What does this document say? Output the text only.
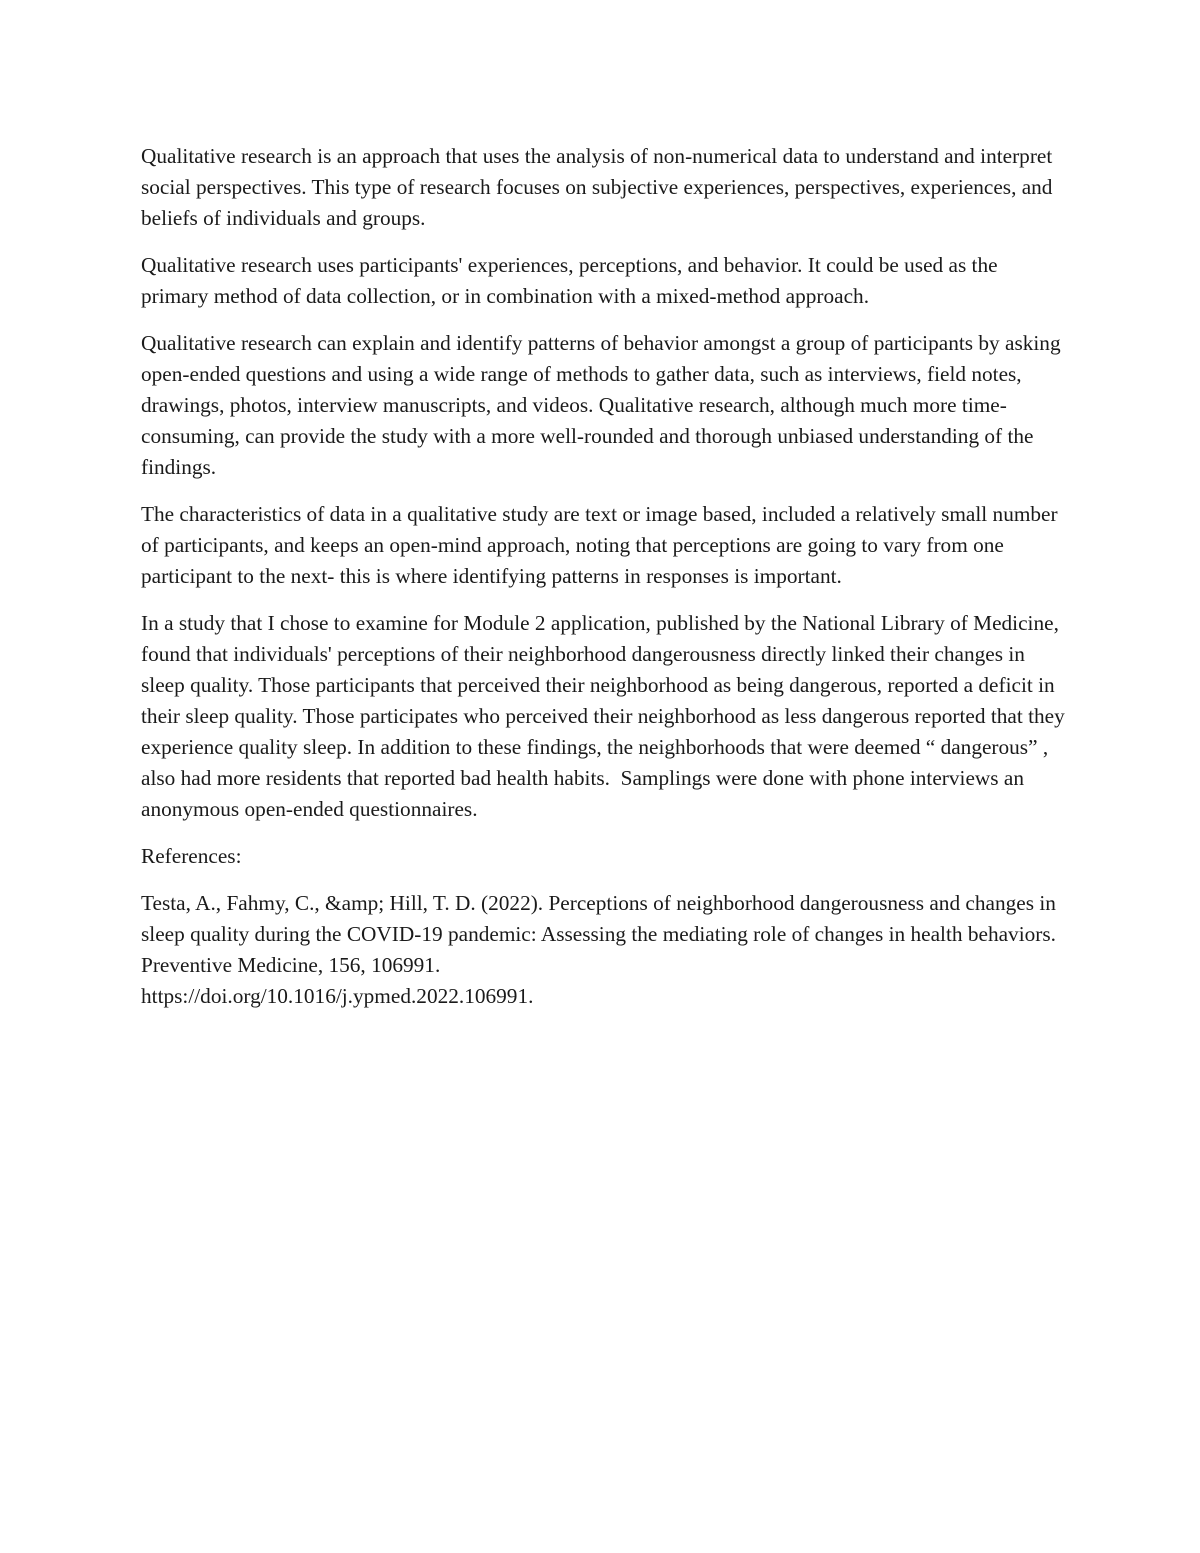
Qualitative research is an approach that uses the analysis of non-numerical data to understand and interpret social perspectives. This type of research focuses on subjective experiences, perspectives, experiences, and beliefs of individuals and groups.

Qualitative research uses participants' experiences, perceptions, and behavior. It could be used as the primary method of data collection, or in combination with a mixed-method approach.

Qualitative research can explain and identify patterns of behavior amongst a group of participants by asking open-ended questions and using a wide range of methods to gather data, such as interviews, field notes, drawings, photos, interview manuscripts, and videos. Qualitative research, although much more time-consuming, can provide the study with a more well-rounded and thorough unbiased understanding of the findings.

The characteristics of data in a qualitative study are text or image based, included a relatively small number of participants, and keeps an open-mind approach, noting that perceptions are going to vary from one participant to the next- this is where identifying patterns in responses is important.

In a study that I chose to examine for Module 2 application, published by the National Library of Medicine, found that individuals' perceptions of their neighborhood dangerousness directly linked their changes in sleep quality. Those participants that perceived their neighborhood as being dangerous, reported a deficit in their sleep quality. Those participates who perceived their neighborhood as less dangerous reported that they experience quality sleep. In addition to these findings, the neighborhoods that were deemed “ dangerous” , also had more residents that reported bad health habits.  Samplings were done with phone interviews an anonymous open-ended questionnaires.

References:

Testa, A., Fahmy, C., &amp; Hill, T. D. (2022). Perceptions of neighborhood dangerousness and changes in sleep quality during the COVID-19 pandemic: Assessing the mediating role of changes in health behaviors. Preventive Medicine, 156, 106991.
https://doi.org/10.1016/j.ypmed.2022.106991.
